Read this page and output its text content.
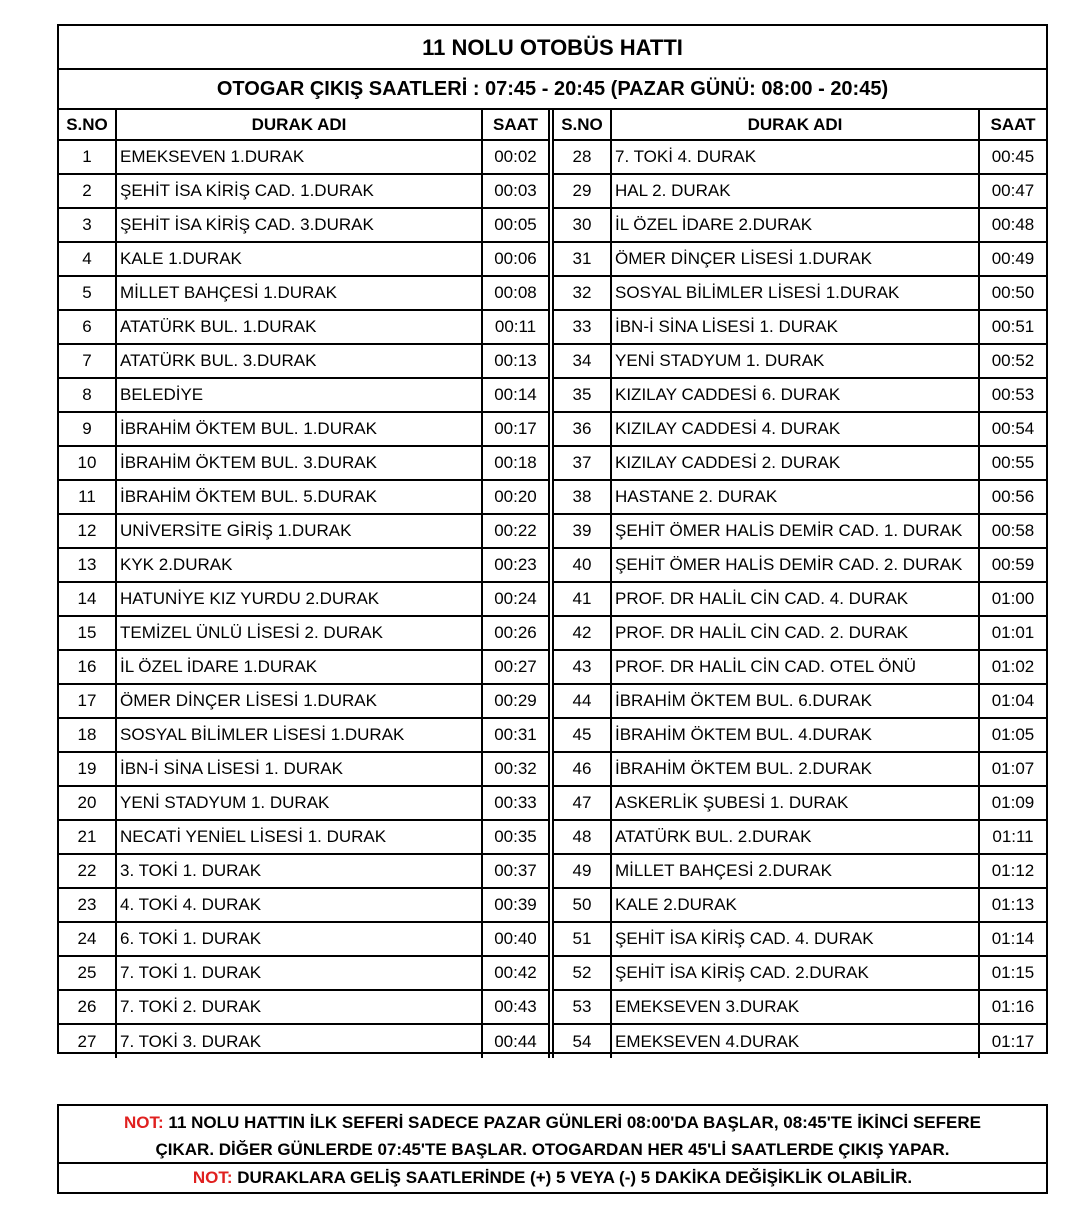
11 NOLU OTOBÜS HATTI
OTOGAR ÇIKIŞ SAATLERİ : 07:45 - 20:45 (PAZAR GÜNÜ: 08:00 - 20:45)
S.NO	DURAK ADI	SAAT	S.NO	DURAK ADI	SAAT
1	EMEKSEVEN 1.DURAK	00:02	28	7. TOKİ 4. DURAK	00:45
2	ŞEHİT İSA KİRİŞ CAD. 1.DURAK	00:03	29	HAL 2. DURAK	00:47
3	ŞEHİT İSA KİRİŞ CAD. 3.DURAK	00:05	30	İL ÖZEL İDARE 2.DURAK	00:48
4	KALE 1.DURAK	00:06	31	ÖMER DİNÇER LİSESİ 1.DURAK	00:49
5	MİLLET BAHÇESİ 1.DURAK	00:08	32	SOSYAL BİLİMLER LİSESİ 1.DURAK	00:50
6	ATATÜRK BUL. 1.DURAK	00:11	33	İBN-İ SİNA LİSESİ 1. DURAK	00:51
7	ATATÜRK BUL. 3.DURAK	00:13	34	YENİ STADYUM 1. DURAK	00:52
8	BELEDİYE	00:14	35	KIZILAY CADDESİ 6. DURAK	00:53
9	İBRAHİM ÖKTEM BUL. 1.DURAK	00:17	36	KIZILAY CADDESİ 4. DURAK	00:54
10	İBRAHİM ÖKTEM BUL. 3.DURAK	00:18	37	KIZILAY CADDESİ 2. DURAK	00:55
11	İBRAHİM ÖKTEM BUL. 5.DURAK	00:20	38	HASTANE 2. DURAK	00:56
12	UNİVERSİTE GİRİŞ 1.DURAK	00:22	39	ŞEHİT ÖMER HALİS DEMİR CAD. 1. DURAK	00:58
13	KYK 2.DURAK	00:23	40	ŞEHİT ÖMER HALİS DEMİR CAD. 2. DURAK	00:59
14	HATUNİYE KIZ YURDU 2.DURAK	00:24	41	PROF. DR HALİL CİN CAD. 4. DURAK	01:00
15	TEMİZEL ÜNLÜ LİSESİ 2. DURAK	00:26	42	PROF. DR HALİL CİN CAD. 2. DURAK	01:01
16	İL ÖZEL İDARE 1.DURAK	00:27	43	PROF. DR HALİL CİN CAD. OTEL ÖNÜ	01:02
17	ÖMER DİNÇER LİSESİ 1.DURAK	00:29	44	İBRAHİM ÖKTEM BUL. 6.DURAK	01:04
18	SOSYAL BİLİMLER LİSESİ 1.DURAK	00:31	45	İBRAHİM ÖKTEM BUL. 4.DURAK	01:05
19	İBN-İ SİNA LİSESİ 1. DURAK	00:32	46	İBRAHİM ÖKTEM BUL. 2.DURAK	01:07
20	YENİ STADYUM 1. DURAK	00:33	47	ASKERLİK ŞUBESİ 1. DURAK	01:09
21	NECATİ YENİEL LİSESİ 1. DURAK	00:35	48	ATATÜRK BUL. 2.DURAK	01:11
22	3. TOKİ 1. DURAK	00:37	49	MİLLET BAHÇESİ 2.DURAK	01:12
23	4. TOKİ 4. DURAK	00:39	50	KALE 2.DURAK	01:13
24	6. TOKİ 1. DURAK	00:40	51	ŞEHİT İSA KİRİŞ CAD. 4. DURAK	01:14
25	7. TOKİ 1. DURAK	00:42	52	ŞEHİT İSA KİRİŞ CAD. 2.DURAK	01:15
26	7. TOKİ 2. DURAK	00:43	53	EMEKSEVEN 3.DURAK	01:16
27	7. TOKİ 3. DURAK	00:44	54	EMEKSEVEN 4.DURAK	01:17
NOT: 11 NOLU HATTIN İLK SEFERİ SADECE PAZAR GÜNLERİ 08:00'DA BAŞLAR, 08:45'TE İKİNCİ SEFERE
ÇIKAR. DİĞER GÜNLERDE 07:45'TE BAŞLAR. OTOGARDAN HER 45'Lİ SAATLERDE ÇIKIŞ YAPAR.
NOT: DURAKLARA GELİŞ SAATLERİNDE (+) 5 VEYA (-) 5 DAKİKA DEĞİŞİKLİK OLABİLİR.
